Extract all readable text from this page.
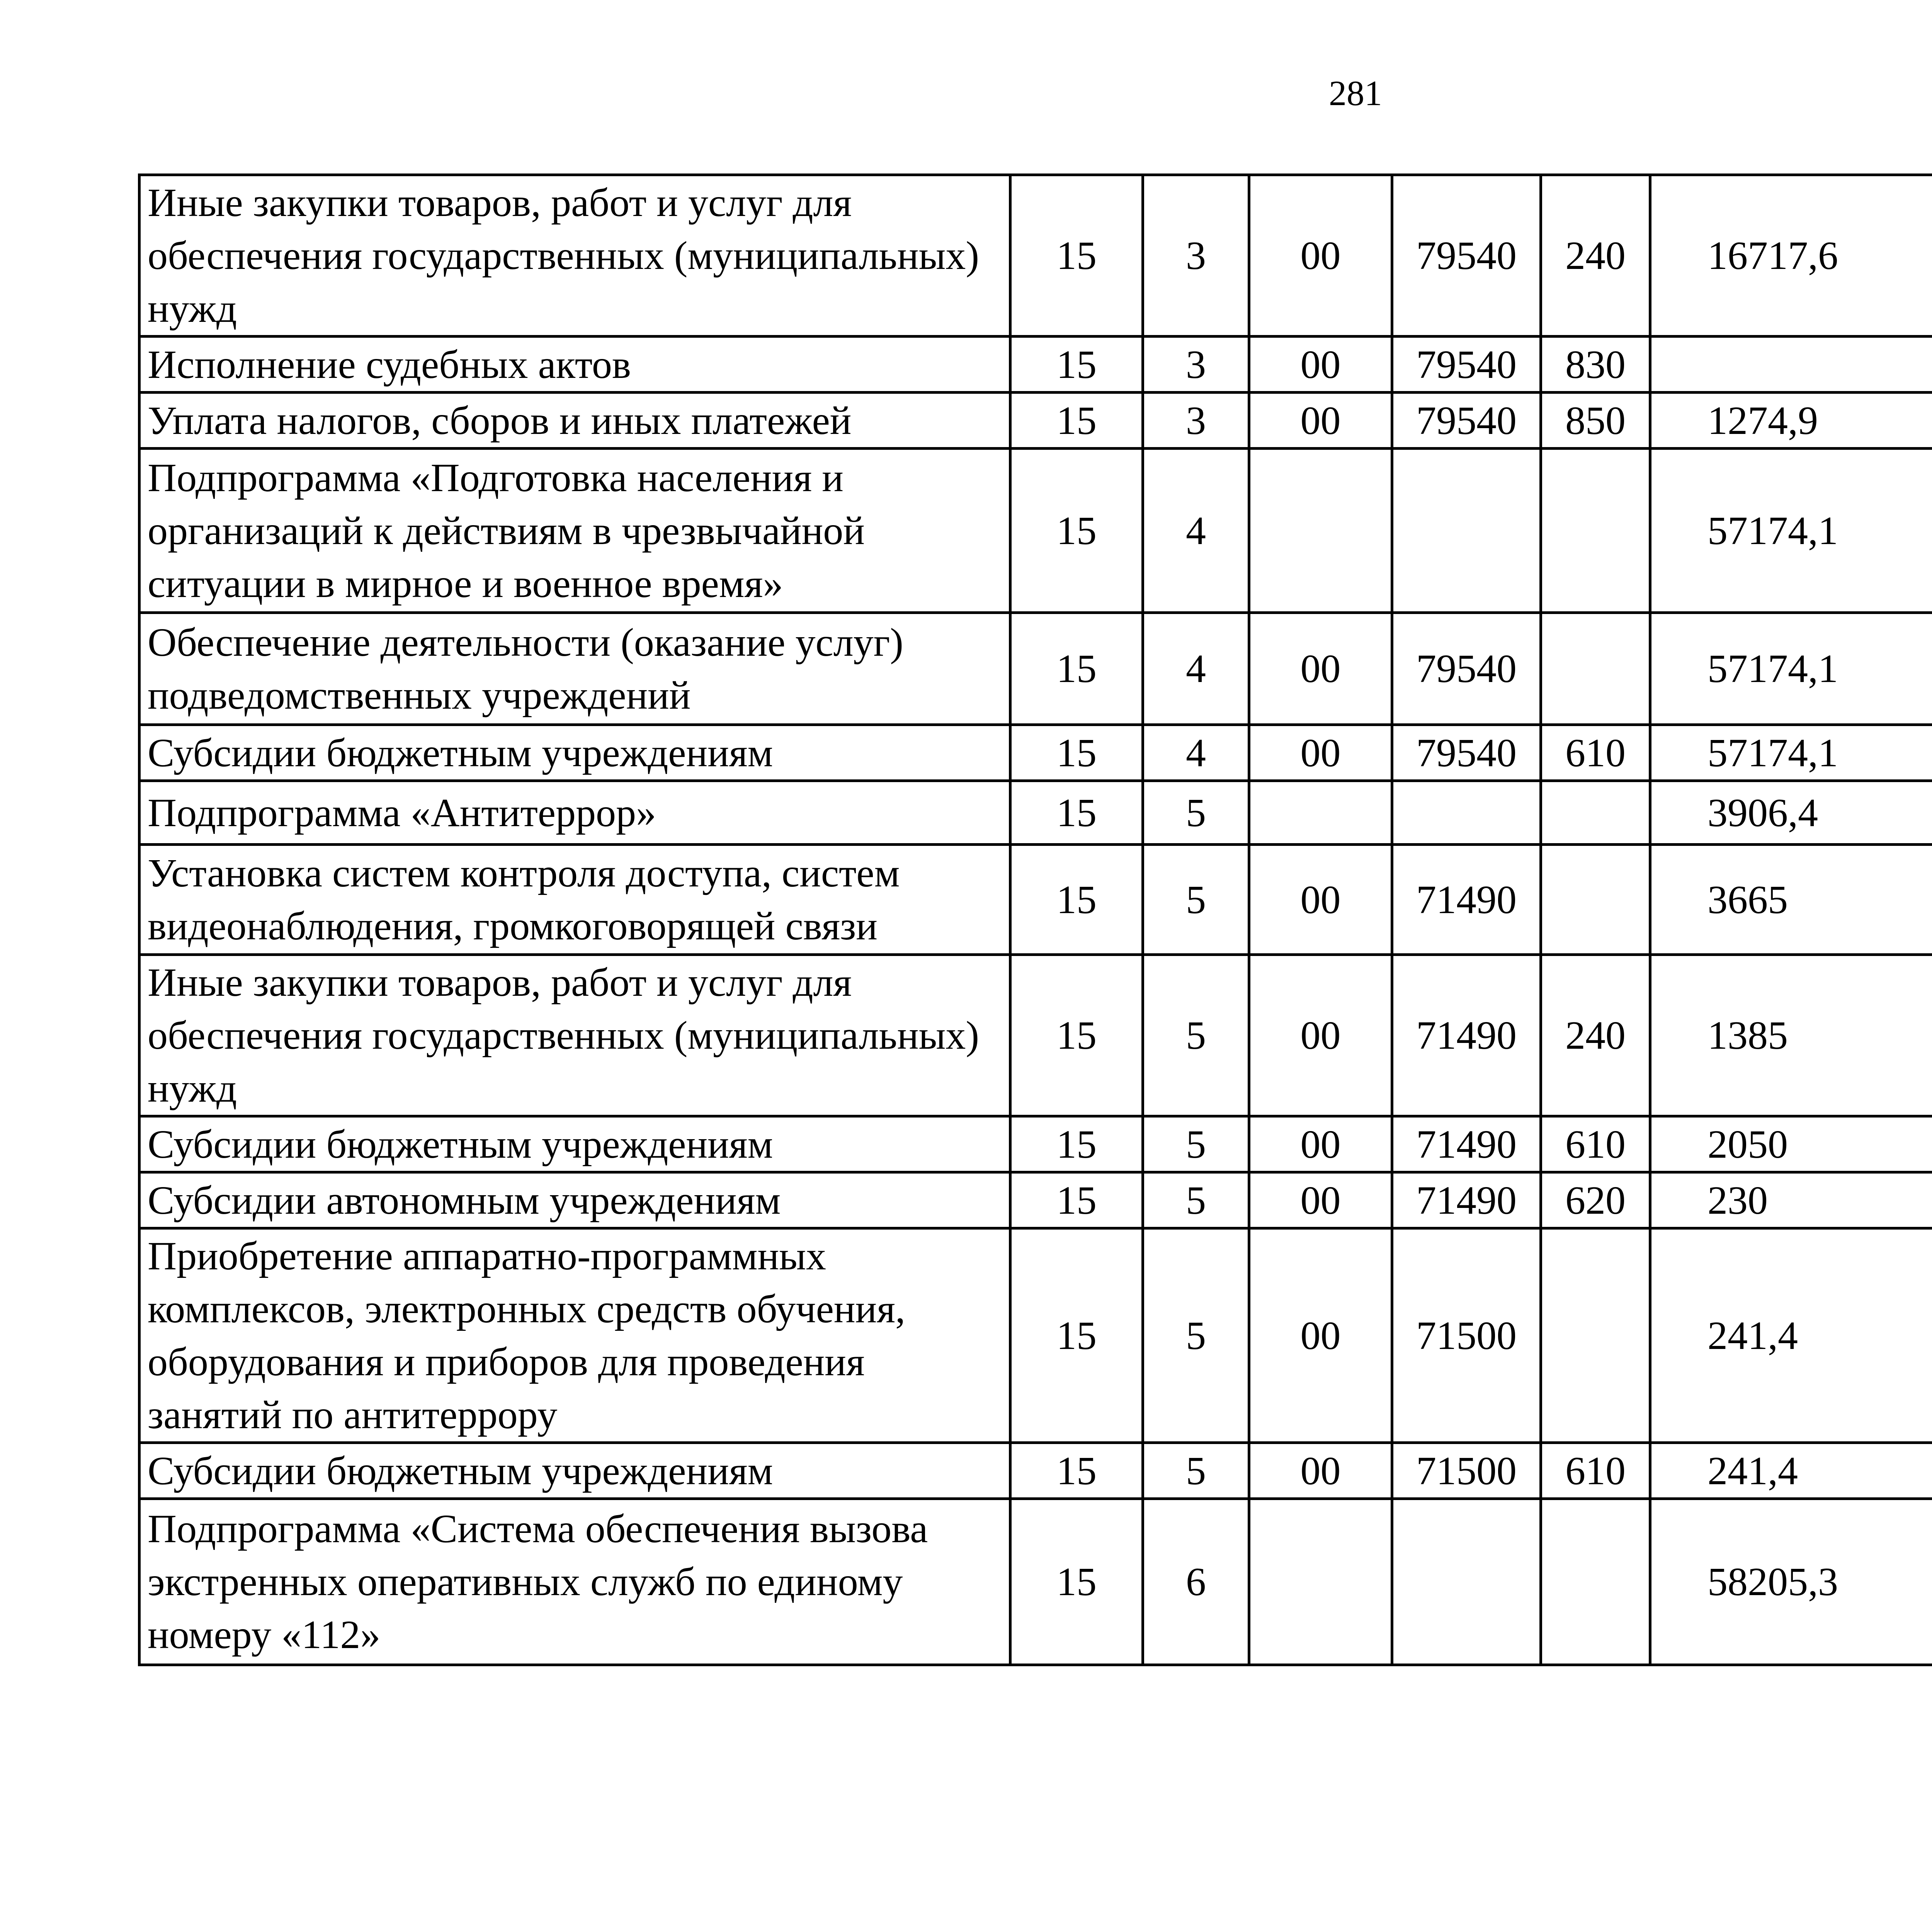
281
Иные закупки товаров, работ и услуг для обеспечения государственных (муниципальных) нужд	15	3	00	79540	240	16717,6		
Исполнение судебных актов	15	3	00	79540	830			
Уплата налогов, сборов и иных платежей	15	3	00	79540	850	1274,9		
Подпрограмма «Подготовка населения и организаций к действиям в чрезвычайной ситуации в мирное и военное время»	15	4				57174,1		
Обеспечение деятельности (оказание услуг) подведомственных учреждений	15	4	00	79540		57174,1		
Субсидии бюджетным учреждениям	15	4	00	79540	610	57174,1		
Подпрограмма «Антитеррор»	15	5				3906,4		
Установка систем контроля доступа, систем видеонаблюдения, громкоговорящей связи	15	5	00	71490		3665		
Иные закупки товаров, работ и услуг для обеспечения государственных (муниципальных) нужд	15	5	00	71490	240	1385		
Субсидии бюджетным учреждениям	15	5	00	71490	610	2050		
Субсидии автономным учреждениям	15	5	00	71490	620	230		
Приобретение аппаратно-программных комплексов, электронных средств обучения, оборудования и приборов для проведения занятий по антитеррору	15	5	00	71500		241,4		
Субсидии бюджетным учреждениям	15	5	00	71500	610	241,4		
Подпрограмма «Система обеспечения вызова экстренных оперативных служб по единому номеру «112»	15	6				58205,3		
